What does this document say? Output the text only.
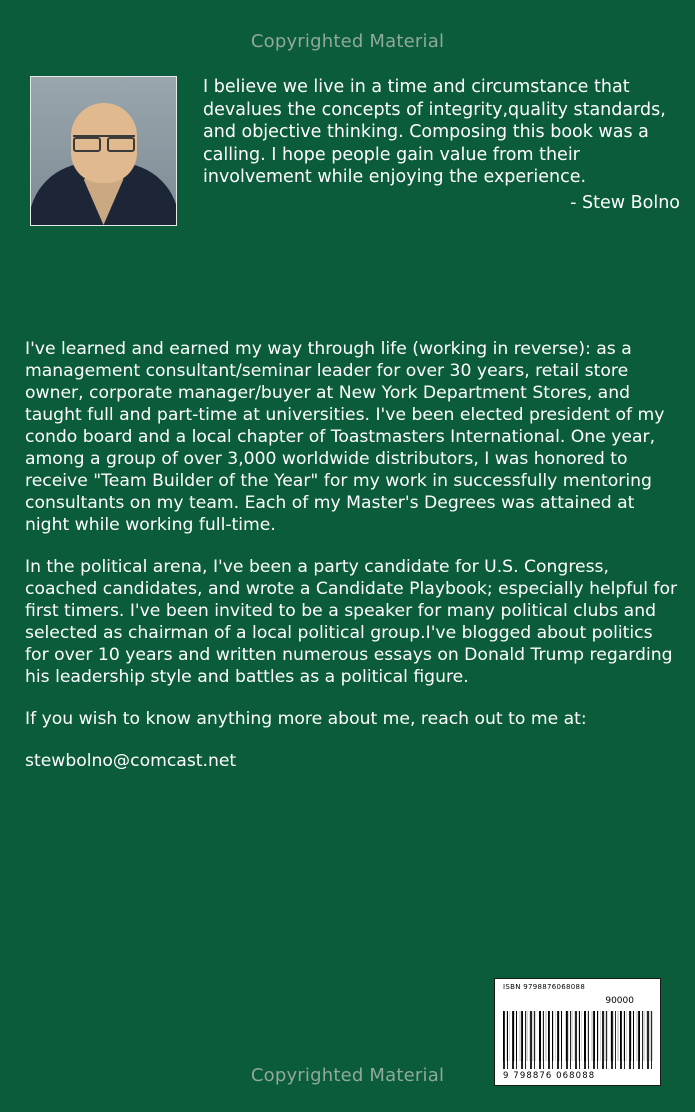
Copyrighted Material
I believe we live in a time and circumstance that devalues the concepts of integrity,quality standards, and objective thinking. Composing this book was a calling. I hope people gain value from their involvement while enjoying the experience.
- Stew Bolno

I've learned and earned my way through life (working in reverse): as a management consultant/seminar leader for over 30 years, retail store owner, corporate manager/buyer at New York Department Stores, and taught full and part-time at universities. I've been elected president of my condo board and a local chapter of Toastmasters International. One year, among a group of over 3,000 worldwide distributors, I was honored to receive "Team Builder of the Year" for my work in successfully mentoring consultants on my team. Each of my Master's Degrees was attained at night while working full-time.

In the political arena, I've been a party candidate for U.S. Congress, coached candidates, and wrote a Candidate Playbook; especially helpful for first timers. I've been invited to be a speaker for many political clubs and selected as chairman of a local political group.I've blogged about politics for over 10 years and written numerous essays on Donald Trump regarding his leadership style and battles as a political figure.

If you wish to know anything more about me, reach out to me at:

stewbolno@comcast.net

ISBN 9798876068088
90000
9 798876 068088
Copyrighted Material
